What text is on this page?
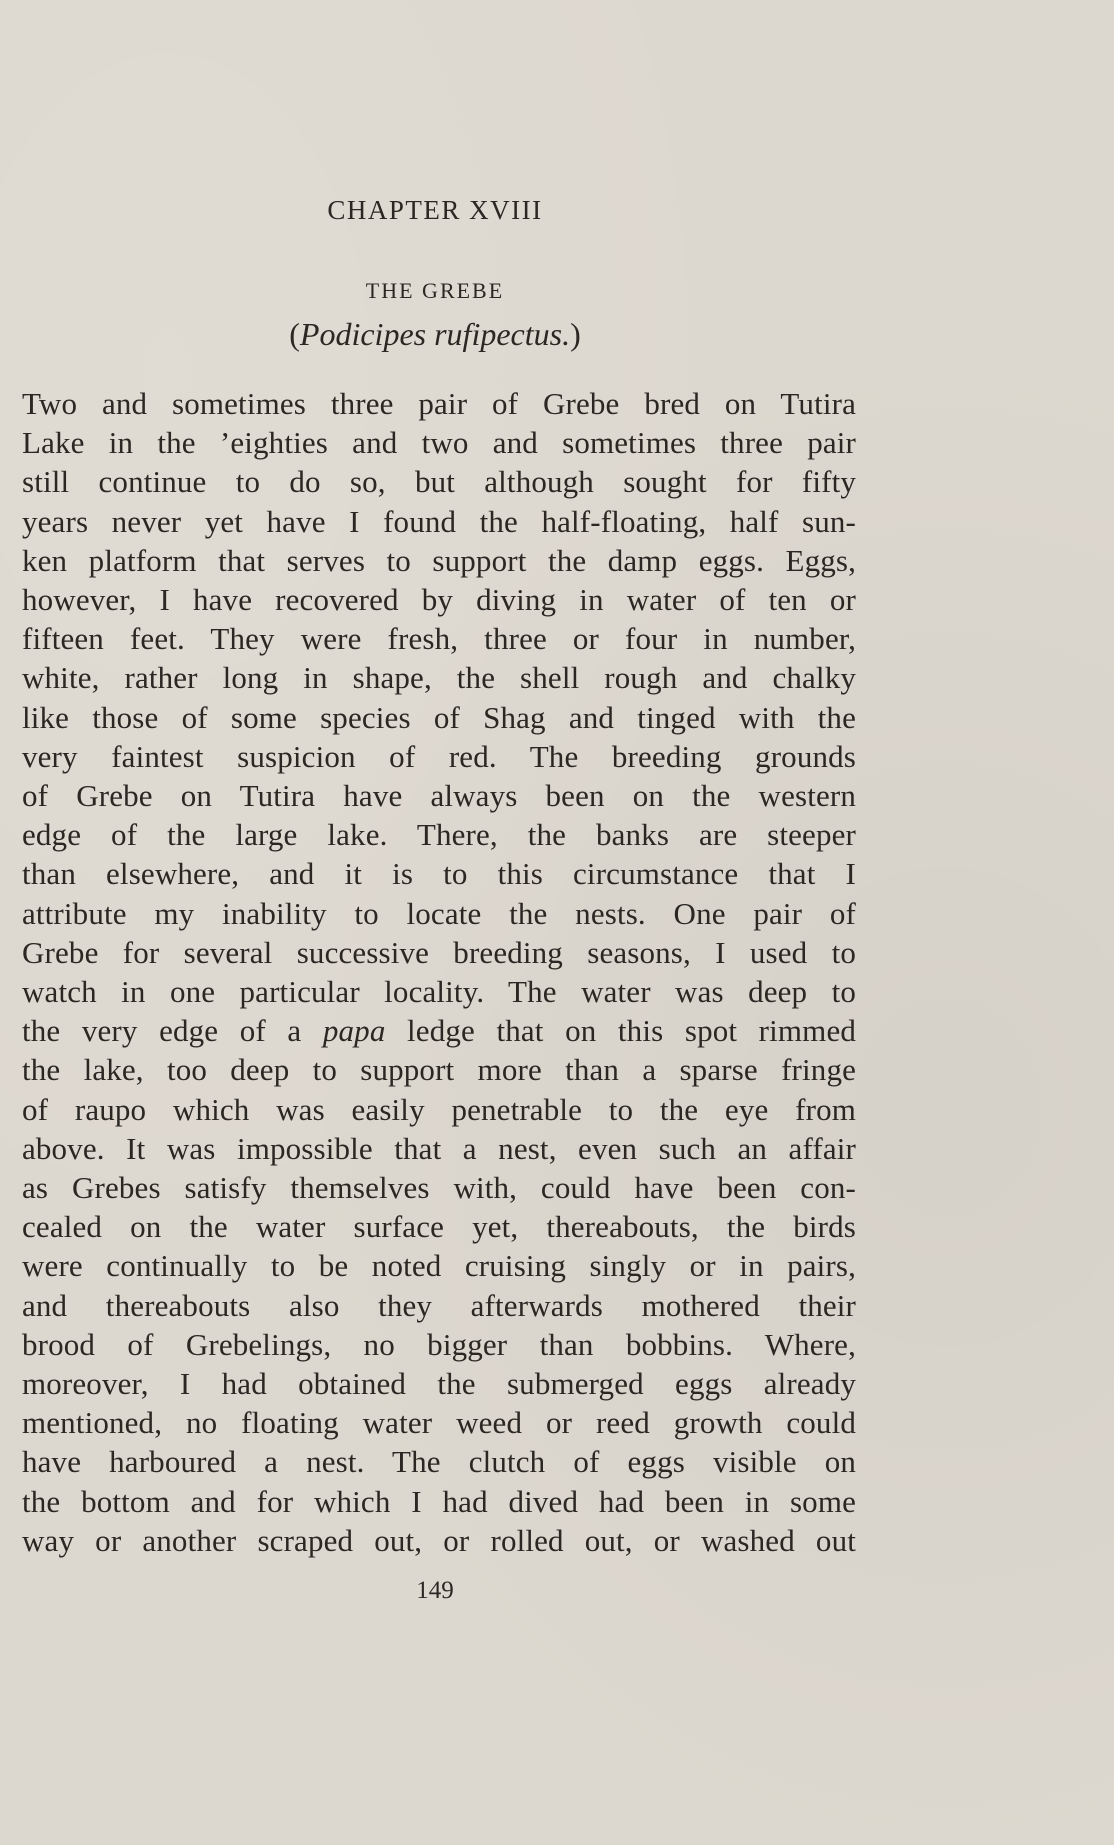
CHAPTER XVIII
THE GREBE
(Podicipes rufipectus.)
Two and sometimes three pair of Grebe bred on Tutira
Lake in the ’eighties and two and sometimes three pair
still continue to do so, but although sought for fifty
years never yet have I found the half-floating, half sun-
ken platform that serves to support the damp eggs. Eggs,
however, I have recovered by diving in water of ten or
fifteen feet. They were fresh, three or four in number,
white, rather long in shape, the shell rough and chalky
like those of some species of Shag and tinged with the
very faintest suspicion of red. The breeding grounds
of Grebe on Tutira have always been on the western
edge of the large lake. There, the banks are steeper
than elsewhere, and it is to this circumstance that I
attribute my inability to locate the nests. One pair of
Grebe for several successive breeding seasons, I used to
watch in one particular locality. The water was deep to
the very edge of a papa ledge that on this spot rimmed
the lake, too deep to support more than a sparse fringe
of raupo which was easily penetrable to the eye from
above. It was impossible that a nest, even such an affair
as Grebes satisfy themselves with, could have been con-
cealed on the water surface yet, thereabouts, the birds
were continually to be noted cruising singly or in pairs,
and thereabouts also they afterwards mothered their
brood of Grebelings, no bigger than bobbins. Where,
moreover, I had obtained the submerged eggs already
mentioned, no floating water weed or reed growth could
have harboured a nest. The clutch of eggs visible on
the bottom and for which I had dived had been in some
way or another scraped out, or rolled out, or washed out
149
